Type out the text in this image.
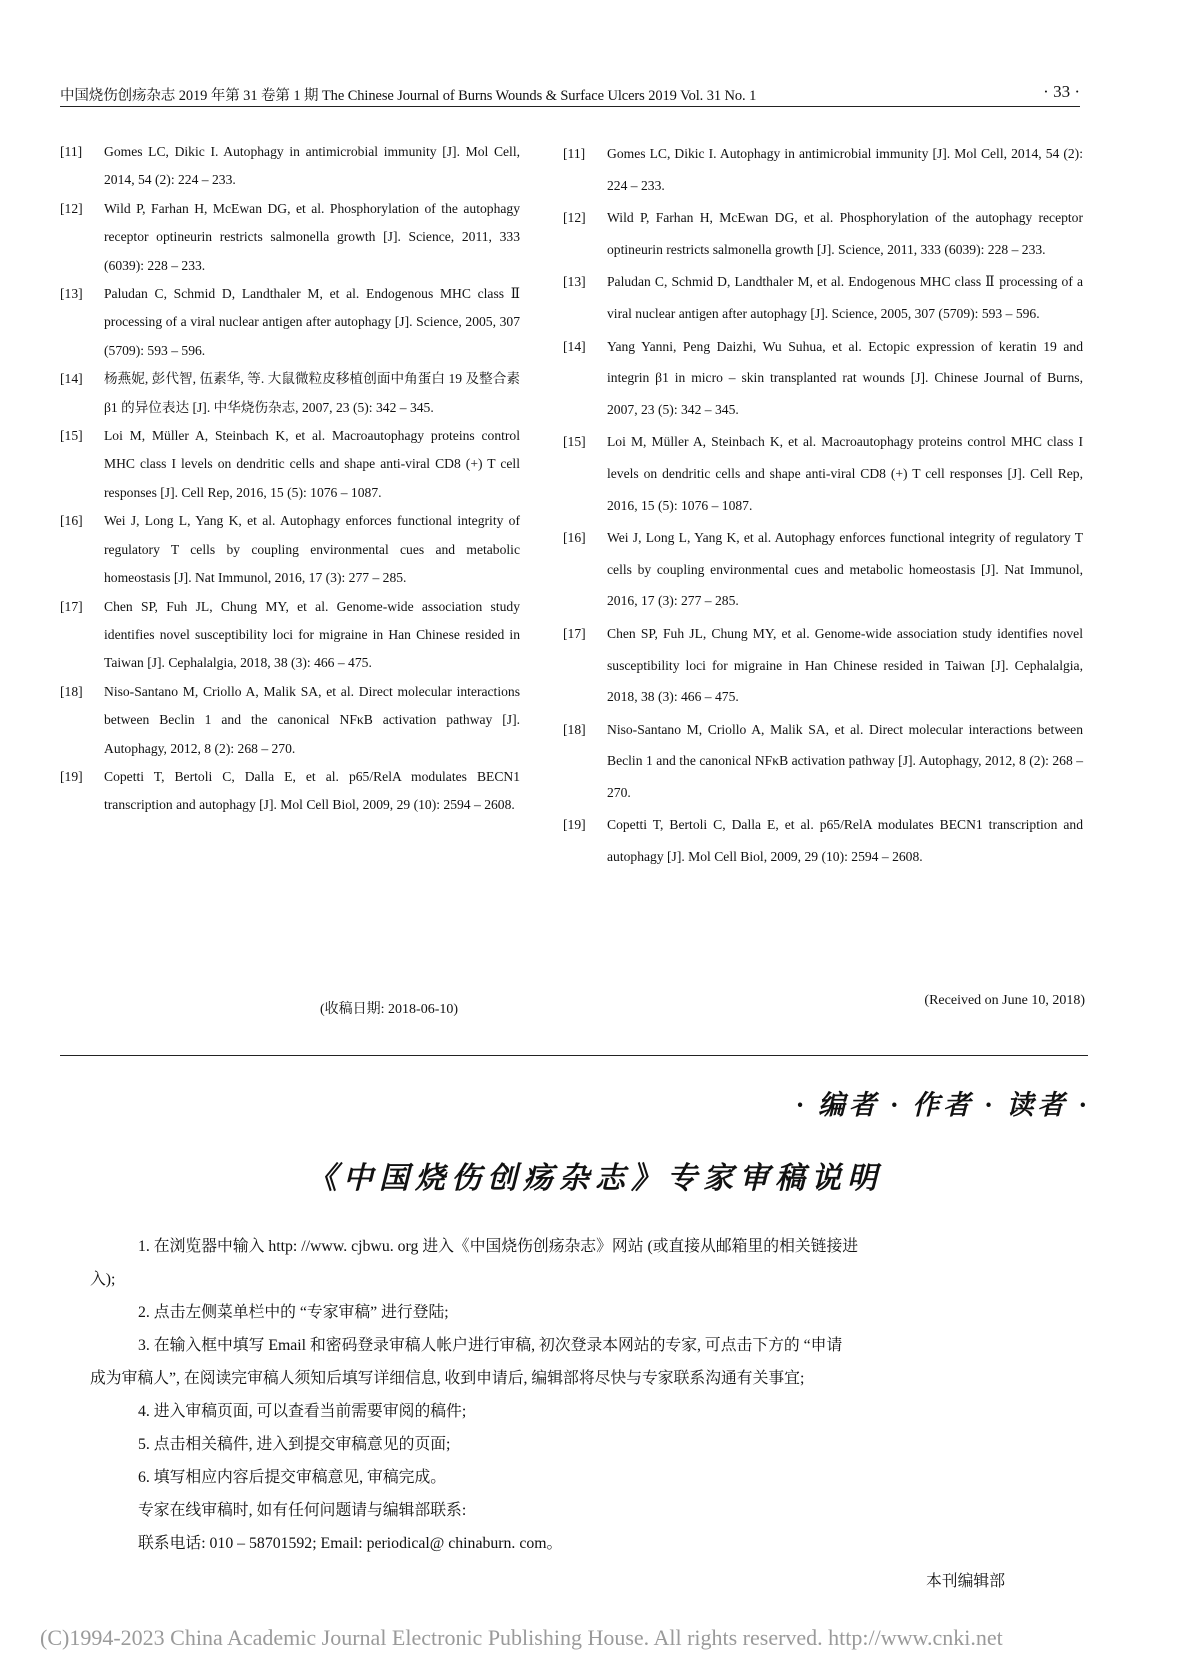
中国烧伤创疡杂志 2019 年第 31 卷第 1 期 The Chinese Journal of Burns Wounds & Surface Ulcers 2019 Vol. 31 No. 1	· 33 ·
[11] Gomes LC, Dikic I. Autophagy in antimicrobial immunity [J]. Mol Cell, 2014, 54 (2): 224 – 233.
[12] Wild P, Farhan H, McEwan DG, et al. Phosphorylation of the autophagy receptor optineurin restricts salmonella growth [J]. Science, 2011, 333 (6039): 228 – 233.
[13] Paludan C, Schmid D, Landthaler M, et al. Endogenous MHC class Ⅱ processing of a viral nuclear antigen after autophagy [J]. Science, 2005, 307 (5709): 593 – 596.
[14] 杨燕妮, 彭代智, 伍素华, 等. 大鼠微粒皮移植创面中角蛋白 19 及整合素 β1 的异位表达 [J]. 中华烧伤杂志, 2007, 23 (5): 342 – 345.
[15] Loi M, Müller A, Steinbach K, et al. Macroautophagy proteins control MHC class I levels on dendritic cells and shape anti-viral CD8 (+) T cell responses [J]. Cell Rep, 2016, 15 (5): 1076 – 1087.
[16] Wei J, Long L, Yang K, et al. Autophagy enforces functional integrity of regulatory T cells by coupling environmental cues and metabolic homeostasis [J]. Nat Immunol, 2016, 17 (3): 277 – 285.
[17] Chen SP, Fuh JL, Chung MY, et al. Genome-wide association study identifies novel susceptibility loci for migraine in Han Chinese resided in Taiwan [J]. Cephalalgia, 2018, 38 (3): 466 – 475.
[18] Niso-Santano M, Criollo A, Malik SA, et al. Direct molecular interactions between Beclin 1 and the canonical NFκB activation pathway [J]. Autophagy, 2012, 8 (2): 268 – 270.
[19] Copetti T, Bertoli C, Dalla E, et al. p65/RelA modulates BECN1 transcription and autophagy [J]. Mol Cell Biol, 2009, 29 (10): 2594 – 2608.
[11] Gomes LC, Dikic I. Autophagy in antimicrobial immunity [J]. Mol Cell, 2014, 54 (2): 224 – 233.
[12] Wild P, Farhan H, McEwan DG, et al. Phosphorylation of the autophagy receptor optineurin restricts salmonella growth [J]. Science, 2011, 333 (6039): 228 – 233.
[13] Paludan C, Schmid D, Landthaler M, et al. Endogenous MHC class Ⅱ processing of a viral nuclear antigen after autophagy [J]. Science, 2005, 307 (5709): 593 – 596.
[14] Yang Yanni, Peng Daizhi, Wu Suhua, et al. Ectopic expression of keratin 19 and integrin β1 in micro – skin transplanted rat wounds [J]. Chinese Journal of Burns, 2007, 23 (5): 342 – 345.
[15] Loi M, Müller A, Steinbach K, et al. Macroautophagy proteins control MHC class I levels on dendritic cells and shape anti-viral CD8 (+) T cell responses [J]. Cell Rep, 2016, 15 (5): 1076 – 1087.
[16] Wei J, Long L, Yang K, et al. Autophagy enforces functional integrity of regulatory T cells by coupling environmental cues and metabolic homeostasis [J]. Nat Immunol, 2016, 17 (3): 277 – 285.
[17] Chen SP, Fuh JL, Chung MY, et al. Genome-wide association study identifies novel susceptibility loci for migraine in Han Chinese resided in Taiwan [J]. Cephalalgia, 2018, 38 (3): 466 – 475.
[18] Niso-Santano M, Criollo A, Malik SA, et al. Direct molecular interactions between Beclin 1 and the canonical NFκB activation pathway [J]. Autophagy, 2012, 8 (2): 268 – 270.
[19] Copetti T, Bertoli C, Dalla E, et al. p65/RelA modulates BECN1 transcription and autophagy [J]. Mol Cell Biol, 2009, 29 (10): 2594 – 2608.
(收稿日期: 2018-06-10)
(Received on June 10, 2018)
· 编者 · 作者 · 读者 ·
《中国烧伤创疡杂志》专家审稿说明

1. 在浏览器中输入 http: //www. cjbwu. org 进入《中国烧伤创疡杂志》网站 (或直接从邮箱里的相关链接进

入);

2. 点击左侧菜单栏中的 “专家审稿” 进行登陆;

3. 在输入框中填写 Email 和密码登录审稿人帐户进行审稿, 初次登录本网站的专家, 可点击下方的 “申请

成为审稿人”, 在阅读完审稿人须知后填写详细信息, 收到申请后, 编辑部将尽快与专家联系沟通有关事宜;

4. 进入审稿页面, 可以查看当前需要审阅的稿件;

5. 点击相关稿件, 进入到提交审稿意见的页面;

6. 填写相应内容后提交审稿意见, 审稿完成。

专家在线审稿时, 如有任何问题请与编辑部联系:

联系电话: 010 – 58701592; Email: periodical@ chinaburn. com。

本刊编辑部
(C)1994-2023 China Academic Journal Electronic Publishing House. All rights reserved. http://www.cnki.net
